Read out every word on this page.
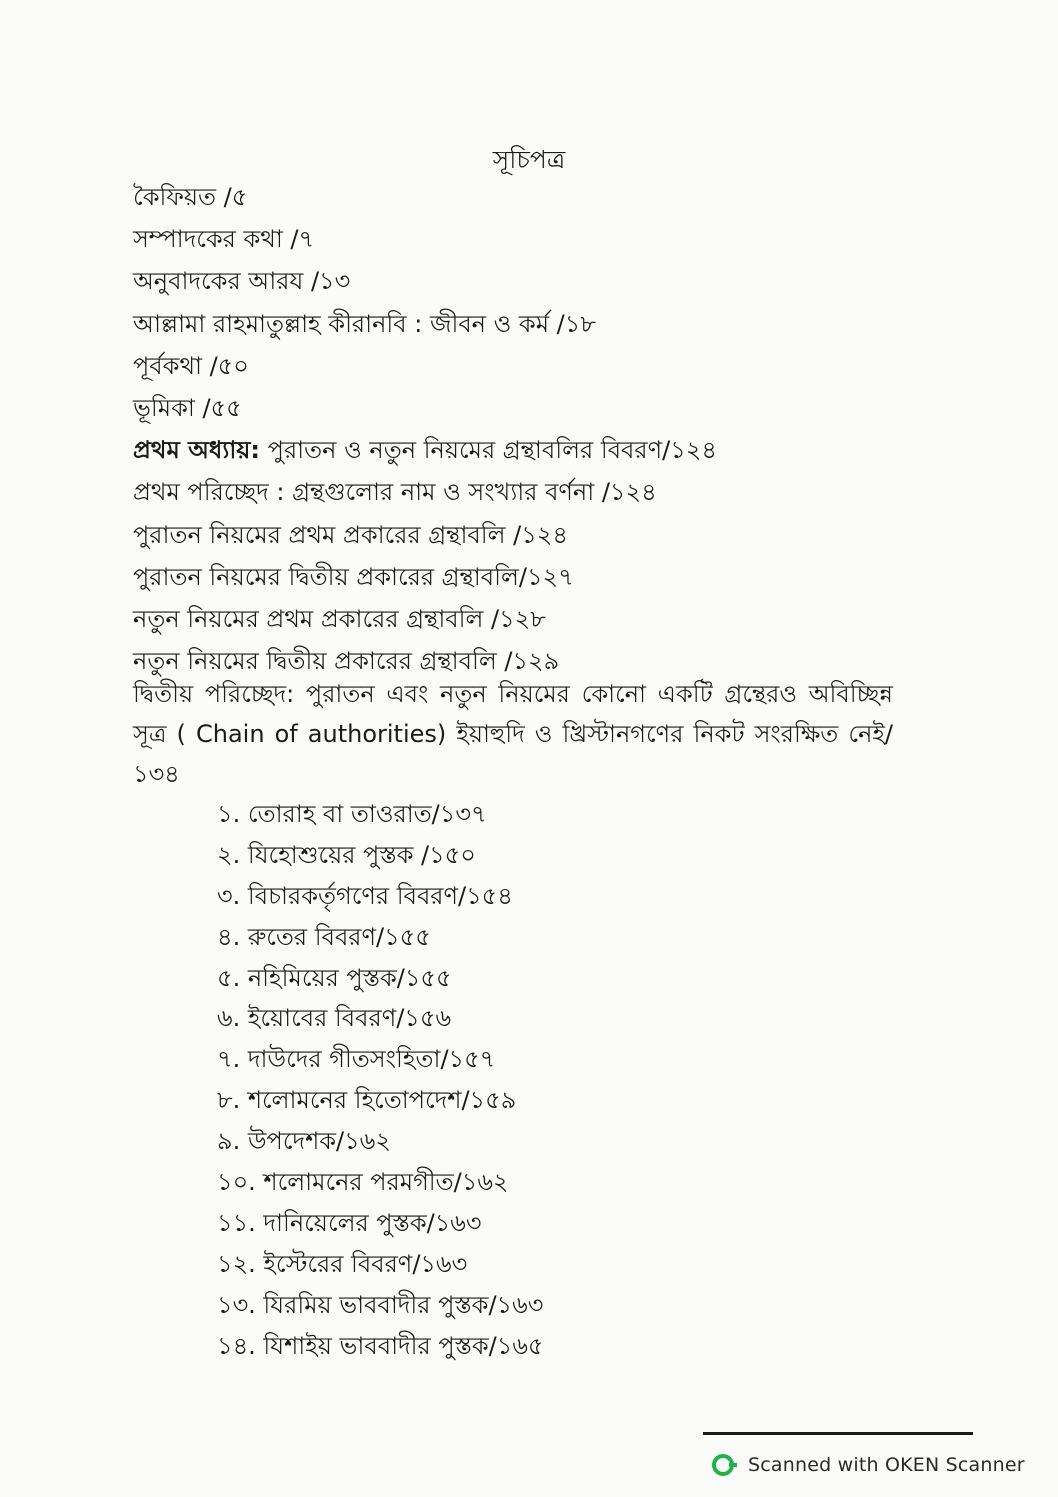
সূচিপত্র
কৈফিয়ত /৫
সম্পাদকের কথা /৭
অনুবাদকের আরয /১৩
আল্লামা রাহমাতুল্লাহ কীরানবি : জীবন ও কর্ম /১৮
পূর্বকথা /৫০
ভূমিকা /৫৫
প্রথম অধ্যায়: পুরাতন ও নতুন নিয়মের গ্রন্থাবলির বিবরণ/১২৪
প্রথম পরিচ্ছেদ : গ্রন্থগুলোর নাম ও সংখ্যার বর্ণনা /১২৪
পুরাতন নিয়মের প্রথম প্রকারের গ্রন্থাবলি /১২৪
পুরাতন নিয়মের দ্বিতীয় প্রকারের গ্রন্থাবলি/১২৭
নতুন নিয়মের প্রথম প্রকারের গ্রন্থাবলি /১২৮
নতুন নিয়মের দ্বিতীয় প্রকারের গ্রন্থাবলি /১২৯
দ্বিতীয় পরিচ্ছেদ: পুরাতন এবং নতুন নিয়মের কোনো একটি গ্রন্থেরও অবিচ্ছিন্ন সূত্র ( Chain of authorities) ইয়াহুদি ও খ্রিস্টানগণের নিকট সংরক্ষিত নেই/১৩৪
১. তোরাহ বা তাওরাত/১৩৭
২. যিহোশুয়ের পুস্তক /১৫০
৩. বিচারকর্তৃগণের বিবরণ/১৫৪
৪. রুতের বিবরণ/১৫৫
৫. নহিমিয়ের পুস্তক/১৫৫
৬. ইয়োবের বিবরণ/১৫৬
৭. দাউদের গীতসংহিতা/১৫৭
৮. শলোমনের হিতোপদেশ/১৫৯
৯. উপদেশক/১৬২
১০. শলোমনের পরমগীত/১৬২
১১. দানিয়েলের পুস্তক/১৬৩
১২. ইস্টেরের বিবরণ/১৬৩
১৩. যিরমিয় ভাববাদীর পুস্তক/১৬৩
১৪. যিশাইয় ভাববাদীর পুস্তক/১৬৫
Scanned with OKEN Scanner
